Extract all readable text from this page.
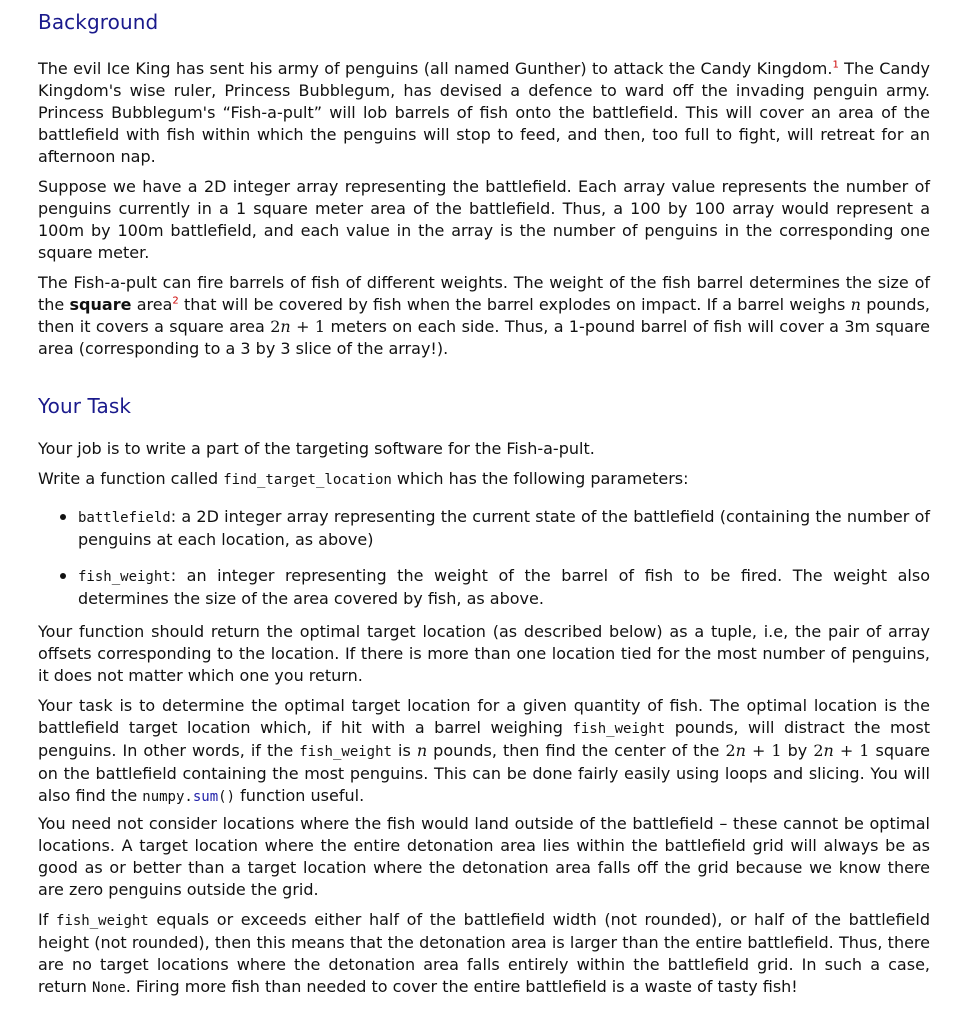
Background

The evil Ice King has sent his army of penguins (all named Gunther) to attack the Candy Kingdom.$^1$ The Candy Kingdom's wise ruler, Princess Bubblegum, has devised a defence to ward off the invading penguin army. Princess Bubblegum's “Fish-a-pult” will lob barrels of fish onto the battlefield. This will cover an area of the battlefield with fish within which the penguins will stop to feed, and then, too full to fight, will retreat for an afternoon nap.

Suppose we have a 2D integer array representing the battlefield. Each array value represents the number of penguins currently in a 1 square meter area of the battlefield. Thus, a 100 by 100 array would represent a 100m by 100m battlefield, and each value in the array is the number of penguins in the corresponding one square meter.

The Fish-a-pult can fire barrels of fish of different weights. The weight of the fish barrel determines the size of the square area$^2$ that will be covered by fish when the barrel explodes on impact. If a barrel weighs n pounds, then it covers a square area 2n + 1 meters on each side. Thus, a 1-pound barrel of fish will cover a 3m square area (corresponding to a 3 by 3 slice of the array!).

Your Task

Your job is to write a part of the targeting software for the Fish-a-pult.

Write a function called find_target_location which has the following parameters:

battlefield: a 2D integer array representing the current state of the battlefield (containing the number of penguins at each location, as above)
fish_weight: an integer representing the weight of the barrel of fish to be fired. The weight also determines the size of the area covered by fish, as above.

Your function should return the optimal target location (as described below) as a tuple, i.e, the pair of array offsets corresponding to the location. If there is more than one location tied for the most number of penguins, it does not matter which one you return.

Your task is to determine the optimal target location for a given quantity of fish. The optimal location is the battlefield target location which, if hit with a barrel weighing fish_weight pounds, will distract the most penguins. In other words, if the fish_weight is n pounds, then find the center of the 2n + 1 by 2n + 1 square on the battlefield containing the most penguins. This can be done fairly easily using loops and slicing. You will also find the numpy.sum() function useful.

You need not consider locations where the fish would land outside of the battlefield – these cannot be optimal locations. A target location where the entire detonation area lies within the battlefield grid will always be as good as or better than a target location where the detonation area falls off the grid because we know there are zero penguins outside the grid.

If fish_weight equals or exceeds either half of the battlefield width (not rounded), or half of the battlefield height (not rounded), then this means that the detonation area is larger than the entire battlefield. Thus, there are no target locations where the detonation area falls entirely within the battlefield grid. In such a case, return None. Firing more fish than needed to cover the entire battlefield is a waste of tasty fish!
